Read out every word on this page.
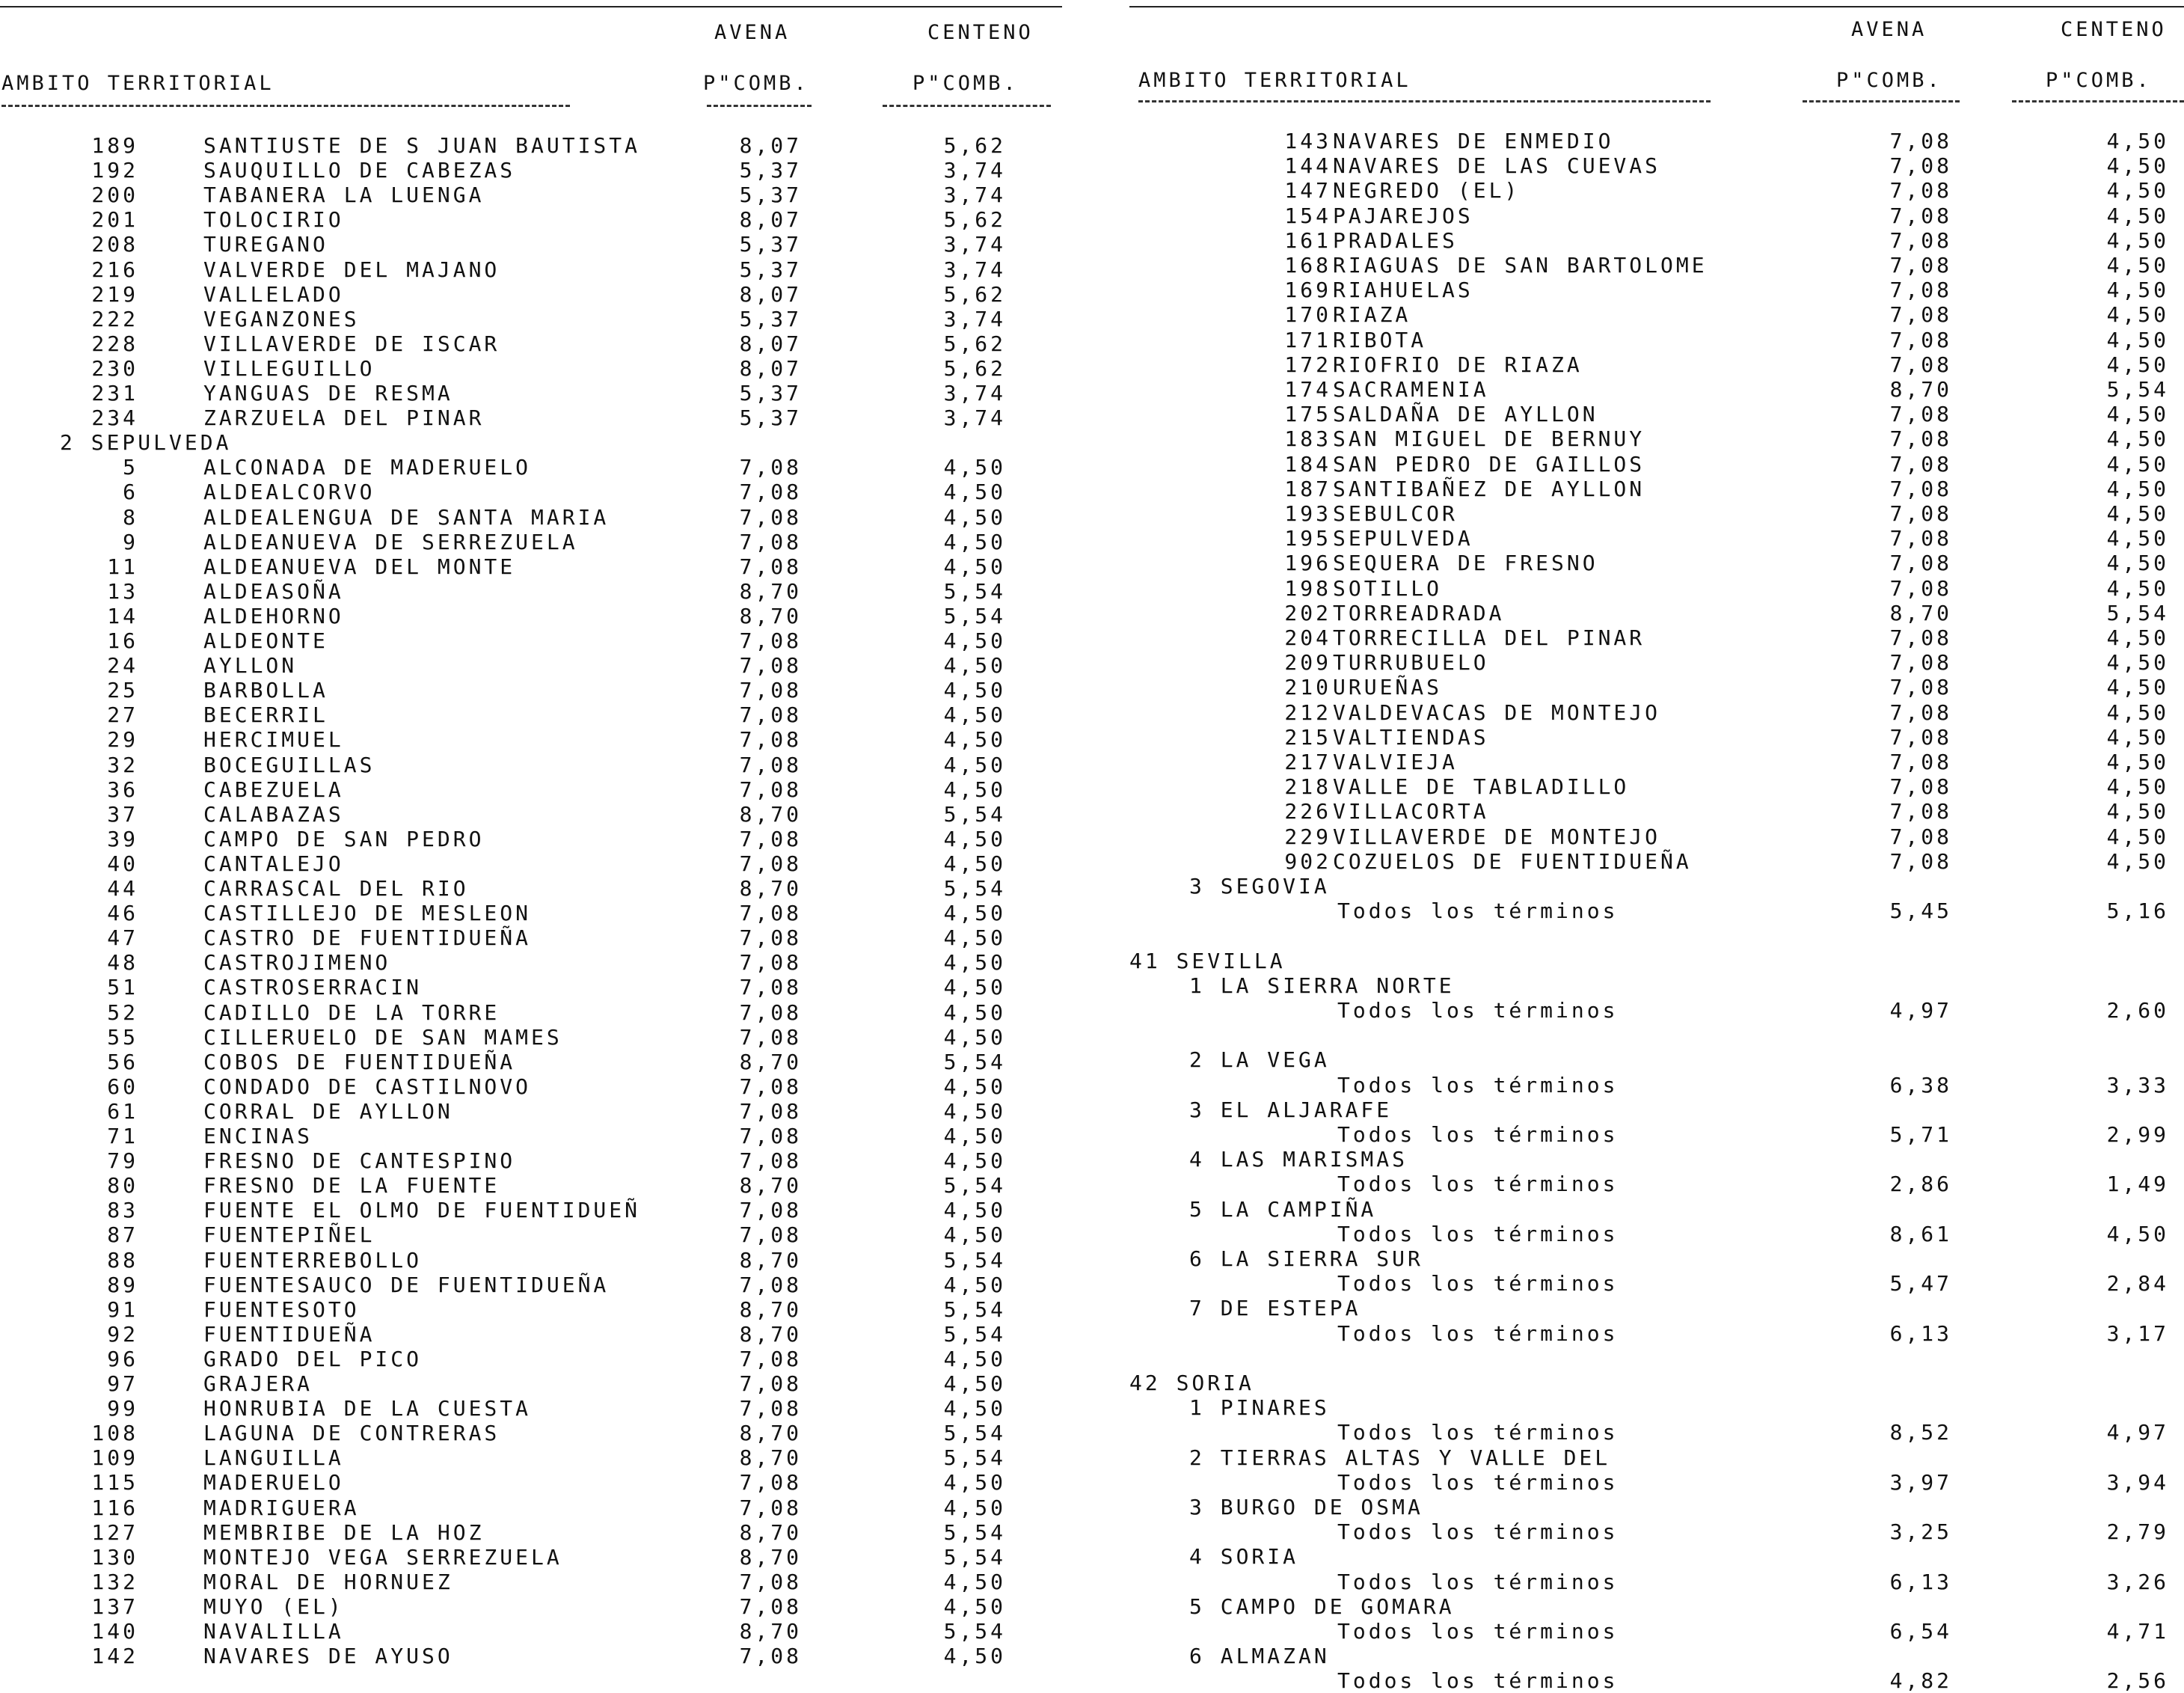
AVENA	CENTENO
AMBITO TERRITORIAL	P"COMB.	P"COMB.
189	SANTIUSTE DE S JUAN BAUTISTA	8,07	5,62
192	SAUQUILLO DE CABEZAS	5,37	3,74
200	TABANERA LA LUENGA	5,37	3,74
201	TOLOCIRIO	8,07	5,62
208	TUREGANO	5,37	3,74
216	VALVERDE DEL MAJANO	5,37	3,74
219	VALLELADO	8,07	5,62
222	VEGANZONES	5,37	3,74
228	VILLAVERDE DE ISCAR	8,07	5,62
230	VILLEGUILLO	8,07	5,62
231	YANGUAS DE RESMA	5,37	3,74
234	ZARZUELA DEL PINAR	5,37	3,74
2 SEPULVEDA
5	ALCONADA DE MADERUELO	7,08	4,50
6	ALDEALCORVO	7,08	4,50
8	ALDEALENGUA DE SANTA MARIA	7,08	4,50
9	ALDEANUEVA DE SERREZUELA	7,08	4,50
11	ALDEANUEVA DEL MONTE	7,08	4,50
13	ALDEASOÑA	8,70	5,54
14	ALDEHORNO	8,70	5,54
16	ALDEONTE	7,08	4,50
24	AYLLON	7,08	4,50
25	BARBOLLA	7,08	4,50
27	BECERRIL	7,08	4,50
29	HERCIMUEL	7,08	4,50
32	BOCEGUILLAS	7,08	4,50
36	CABEZUELA	7,08	4,50
37	CALABAZAS	8,70	5,54
39	CAMPO DE SAN PEDRO	7,08	4,50
40	CANTALEJO	7,08	4,50
44	CARRASCAL DEL RIO	8,70	5,54
46	CASTILLEJO DE MESLEON	7,08	4,50
47	CASTRO DE FUENTIDUEÑA	7,08	4,50
48	CASTROJIMENO	7,08	4,50
51	CASTROSERRACIN	7,08	4,50
52	CADILLO DE LA TORRE	7,08	4,50
55	CILLERUELO DE SAN MAMES	7,08	4,50
56	COBOS DE FUENTIDUEÑA	8,70	5,54
60	CONDADO DE CASTILNOVO	7,08	4,50
61	CORRAL DE AYLLON	7,08	4,50
71	ENCINAS	7,08	4,50
79	FRESNO DE CANTESPINO	7,08	4,50
80	FRESNO DE LA FUENTE	8,70	5,54
83	FUENTE EL OLMO DE FUENTIDUEÑ	7,08	4,50
87	FUENTEPIÑEL	7,08	4,50
88	FUENTERREBOLLO	8,70	5,54
89	FUENTESAUCO DE FUENTIDUEÑA	7,08	4,50
91	FUENTESOTO	8,70	5,54
92	FUENTIDUEÑA	8,70	5,54
96	GRADO DEL PICO	7,08	4,50
97	GRAJERA	7,08	4,50
99	HONRUBIA DE LA CUESTA	7,08	4,50
108	LAGUNA DE CONTRERAS	8,70	5,54
109	LANGUILLA	8,70	5,54
115	MADERUELO	7,08	4,50
116	MADRIGUERA	7,08	4,50
127	MEMBRIBE DE LA HOZ	8,70	5,54
130	MONTEJO VEGA SERREZUELA	8,70	5,54
132	MORAL DE HORNUEZ	7,08	4,50
137	MUYO (EL)	7,08	4,50
140	NAVALILLA	8,70	5,54
142	NAVARES DE AYUSO	7,08	4,50
AVENA	CENTENO
AMBITO TERRITORIAL	P"COMB.	P"COMB.
143 NAVARES DE ENMEDIO	7,08	4,50
144 NAVARES DE LAS CUEVAS	7,08	4,50
147 NEGREDO (EL)	7,08	4,50
154 PAJAREJOS	7,08	4,50
161 PRADALES	7,08	4,50
168 RIAGUAS DE SAN BARTOLOME	7,08	4,50
169 RIAHUELAS	7,08	4,50
170 RIAZA	7,08	4,50
171 RIBOTA	7,08	4,50
172 RIOFRIO DE RIAZA	7,08	4,50
174 SACRAMENIA	8,70	5,54
175 SALDAÑA DE AYLLON	7,08	4,50
183 SAN MIGUEL DE BERNUY	7,08	4,50
184 SAN PEDRO DE GAILLOS	7,08	4,50
187 SANTIBAÑEZ DE AYLLON	7,08	4,50
193 SEBULCOR	7,08	4,50
195 SEPULVEDA	7,08	4,50
196 SEQUERA DE FRESNO	7,08	4,50
198 SOTILLO	7,08	4,50
202 TORREADRADA	8,70	5,54
204 TORRECILLA DEL PINAR	7,08	4,50
209 TURRUBUELO	7,08	4,50
210 URUEÑAS	7,08	4,50
212 VALDEVACAS DE MONTEJO	7,08	4,50
215 VALTIENDAS	7,08	4,50
217 VALVIEJA	7,08	4,50
218 VALLE DE TABLADILLO	7,08	4,50
226 VILLACORTA	7,08	4,50
229 VILLAVERDE DE MONTEJO	7,08	4,50
902 COZUELOS DE FUENTIDUEÑA	7,08	4,50
3 SEGOVIA
Todos los términos	5,45	5,16
41 SEVILLA
1 LA SIERRA NORTE
Todos los términos	4,97	2,60
2 LA VEGA
Todos los términos	6,38	3,33
3 EL ALJARAFE
Todos los términos	5,71	2,99
4 LAS MARISMAS
Todos los términos	2,86	1,49
5 LA CAMPIÑA
Todos los términos	8,61	4,50
6 LA SIERRA SUR
Todos los términos	5,47	2,84
7 DE ESTEPA
Todos los términos	6,13	3,17
42 SORIA
1 PINARES
Todos los términos	8,52	4,97
2 TIERRAS ALTAS Y VALLE DEL
Todos los términos	3,97	3,94
3 BURGO DE OSMA
Todos los términos	3,25	2,79
4 SORIA
Todos los términos	6,13	3,26
5 CAMPO DE GOMARA
Todos los términos	6,54	4,71
6 ALMAZAN
Todos los términos	4,82	2,56
